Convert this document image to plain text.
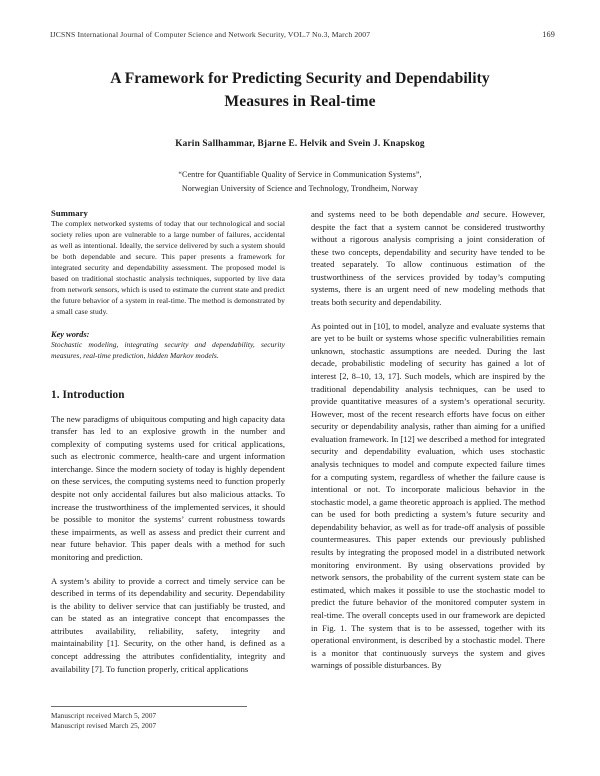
IJCSNS International Journal of Computer Science and Network Security, VOL.7 No.3, March 2007	169
A Framework for Predicting Security and Dependability
Measures in Real-time
Karin Sallhammar, Bjarne E. Helvik and Svein J. Knapskog
“Centre for Quantifiable Quality of Service in Communication Systems”,
Norwegian University of Science and Technology, Trondheim, Norway
Summary

The complex networked systems of today that our technological and social society relies upon are vulnerable to a large number of failures, accidental as well as intentional. Ideally, the service delivered by such a system should be both dependable and secure. This paper presents a framework for integrated security and dependability assessment. The proposed model is based on traditional stochastic analysis techniques, supported by live data from network sensors, which is used to estimate the current state and predict the future behavior of a system in real-time. The method is demonstrated by a small case study.

Key words:

Stochastic modeling, integrating security and dependability, security measures, real-time prediction, hidden Markov models.

1. Introduction

The new paradigms of ubiquitous computing and high capacity data transfer has led to an explosive growth in the number and complexity of computing systems used for critical applications, such as electronic commerce, health-care and urgent information interchange. Since the modern society of today is highly dependent on these services, the computing systems need to function properly despite not only accidental failures but also malicious attacks. To increase the trustworthiness of the implemented services, it should be possible to monitor the systems’ current robustness towards these impairments, as well as assess and predict their current and near future behavior. This paper deals with a method for such monitoring and prediction.

A system’s ability to provide a correct and timely service can be described in terms of its dependability and security. Dependability is the ability to deliver service that can justifiably be trusted, and can be stated as an integrative concept that encompasses the attributes availability, reliability, safety, integrity and maintainability [1]. Security, on the other hand, is defined as a concept addressing the attributes confidentiality, integrity and availability [7]. To function properly, critical applications

and systems need to be both dependable and secure. However, despite the fact that a system cannot be considered trustworthy without a rigorous analysis comprising a joint consideration of these two concepts, dependability and security have tended to be treated separately. To allow continuous estimation of the trustworthiness of the services provided by today’s computing systems, there is an urgent need of new modeling methods that treats both security and dependability.

As pointed out in [10], to model, analyze and evaluate systems that are yet to be built or systems whose specific vulnerabilities remain unknown, stochastic assumptions are needed. During the last decade, probabilistic modeling of security has gained a lot of interest [2, 8–10, 13, 17]. Such models, which are inspired by the traditional dependability analysis techniques, can be used to provide quantitative measures of a system’s operational security. However, most of the recent research efforts have focus on either security or dependability analysis, rather than aiming for a unified evaluation framework. In [12] we described a method for integrated security and dependability evaluation, which uses stochastic analysis techniques to model and compute expected failure times for a computing system, regardless of whether the failure cause is intentional or not. To incorporate malicious behavior in the stochastic model, a game theoretic approach is applied. The method can be used for both predicting a system’s future security and dependability behavior, as well as for trade-off analysis of possible countermeasures. This paper extends our previously published results by integrating the proposed model in a distributed network monitoring environment. By using observations provided by network sensors, the probability of the current system state can be estimated, which makes it possible to use the stochastic model to predict the future behavior of the monitored computer system in real-time. The overall concepts used in our framework are depicted in Fig. 1. The system that is to be assessed, together with its operational environment, is described by a stochastic model. There is a monitor that continuously surveys the system and gives warnings of possible disturbances. By

Manuscript received March 5, 2007
Manuscript revised March 25, 2007
